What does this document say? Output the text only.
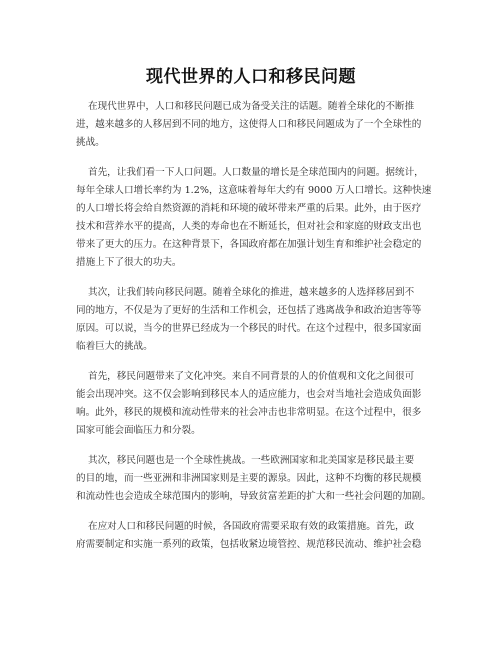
现代世界的人口和移民问题
在现代世界中，人口和移民问题已成为备受关注的话题。随着全球化的不断推
进，越来越多的人移居到不同的地方，这使得人口和移民问题成为了一个全球性的
挑战。
首先，让我们看一下人口问题。人口数量的增长是全球范围内的问题。据统计，
每年全球人口增长率约为 1.2%，这意味着每年大约有 9000 万人口增长。这种快速
的人口增长将会给自然资源的消耗和环境的破坏带来严重的后果。此外，由于医疗
技术和营养水平的提高，人类的寿命也在不断延长，但对社会和家庭的财政支出也
带来了更大的压力。在这种背景下，各国政府都在加强计划生育和维护社会稳定的
措施上下了很大的功夫。
其次，让我们转向移民问题。随着全球化的推进，越来越多的人选择移居到不
同的地方，不仅是为了更好的生活和工作机会，还包括了逃离战争和政治迫害等等
原因。可以说，当今的世界已经成为一个移民的时代。在这个过程中，很多国家面
临着巨大的挑战。
首先，移民问题带来了文化冲突。来自不同背景的人的价值观和文化之间很可
能会出现冲突。这不仅会影响到移民本人的适应能力，也会对当地社会造成负面影
响。此外，移民的规模和流动性带来的社会冲击也非常明显。在这个过程中，很多
国家可能会面临压力和分裂。
其次，移民问题也是一个全球性挑战。一些欧洲国家和北美国家是移民最主要
的目的地，而一些亚洲和非洲国家则是主要的源泉。因此，这种不均衡的移民规模
和流动性也会造成全球范围内的影响，导致贫富差距的扩大和一些社会问题的加剧。
在应对人口和移民问题的时候，各国政府需要采取有效的政策措施。首先，政
府需要制定和实施一系列的政策，包括收紧边境管控、规范移民流动、维护社会稳
